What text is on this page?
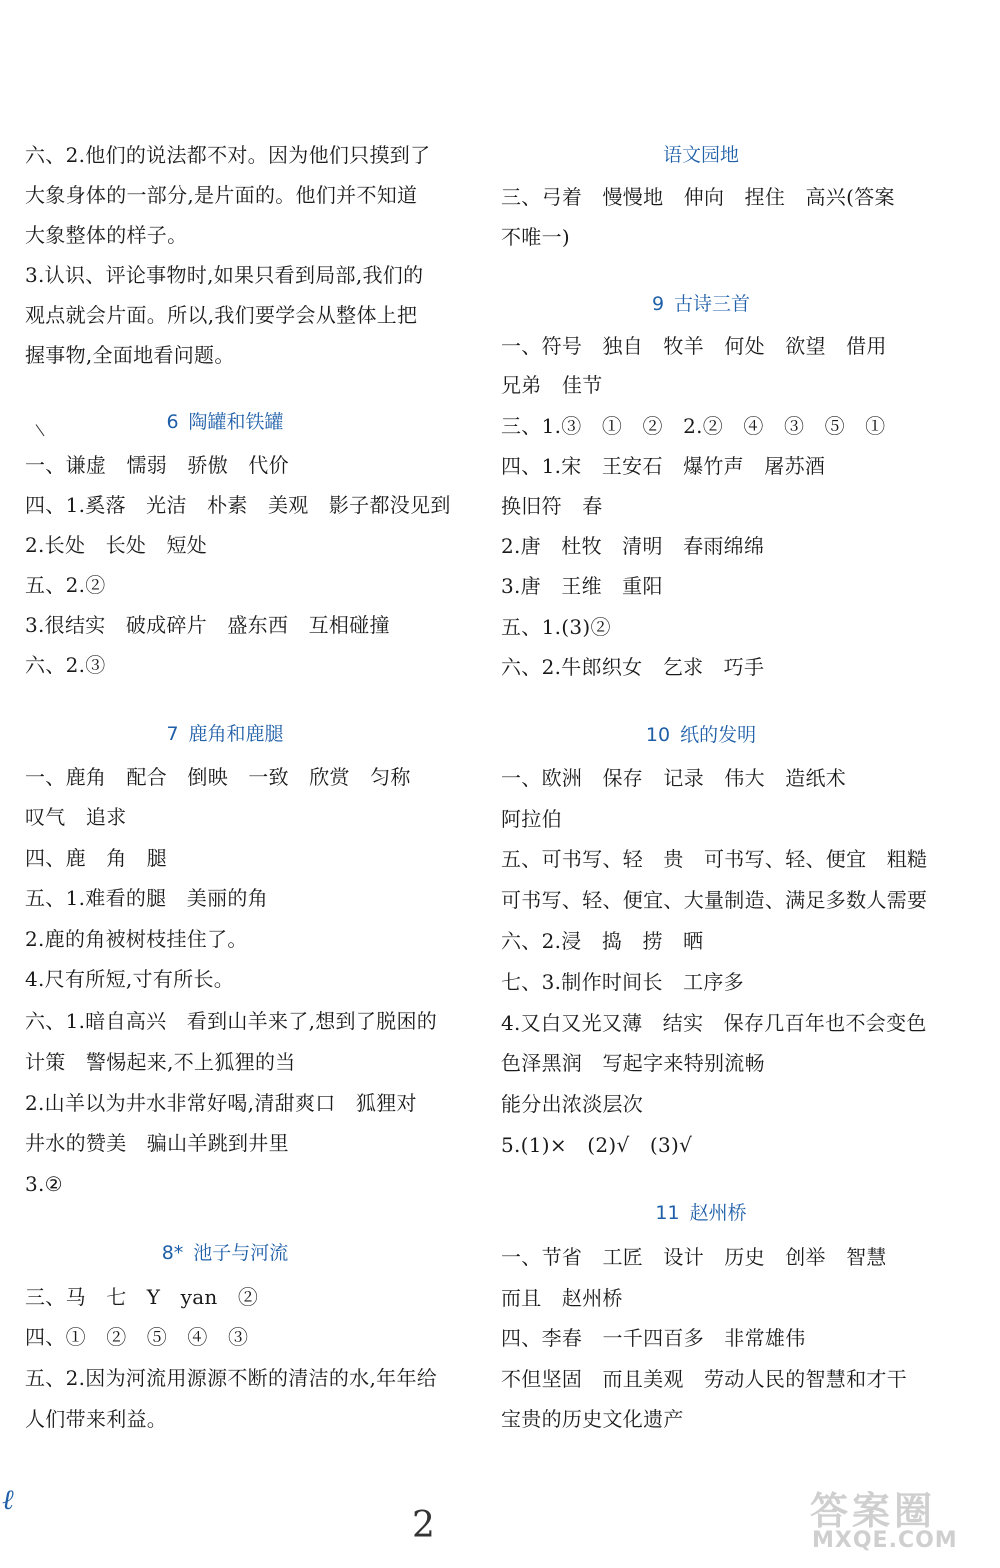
六、2.他们的说法都不对。因为他们只摸到了
大象身体的一部分,是片面的。他们并不知道
大象整体的样子。
3.认识、评论事物时,如果只看到局部,我们的
观点就会片面。所以,我们要学会从整体上把
握事物,全面地看问题。
6 陶罐和铁罐
一、谦虚　懦弱　骄傲　代价
四、1.奚落　光洁　朴素　美观　影子都没见到
2.长处　长处　短处
五、2.②
3.很结实　破成碎片　盛东西　互相碰撞
六、2.③
7 鹿角和鹿腿
一、鹿角　配合　倒映　一致　欣赏　匀称
叹气　追求
四、鹿　角　腿
五、1.难看的腿　美丽的角
2.鹿的角被树枝挂住了。
4.尺有所短,寸有所长。
六、1.暗自高兴　看到山羊来了,想到了脱困的
计策　警惕起来,不上狐狸的当
2.山羊以为井水非常好喝,清甜爽口　狐狸对
井水的赞美　骗山羊跳到井里
3.②
8* 池子与河流
三、马　七　Y　yan　②
四、①　②　⑤　④　③
五、2.因为河流用源源不断的清洁的水,年年给
人们带来利益。
语文园地
三、弓着　慢慢地　伸向　捏住　高兴(答案
不唯一)
9 古诗三首
一、符号　独自　牧羊　何处　欲望　借用
兄弟　佳节
三、1.③　①　②　2.②　④　③　⑤　①
四、1.宋　王安石　爆竹声　屠苏酒
换旧符　春
2.唐　杜牧　清明　春雨绵绵
3.唐　王维　重阳
五、1.(3)②
六、2.牛郎织女　乞求　巧手
10 纸的发明
一、欧洲　保存　记录　伟大　造纸术
阿拉伯
五、可书写、轻　贵　可书写、轻、便宜　粗糙
可书写、轻、便宜、大量制造、满足多数人需要
六、2.浸　捣　捞　晒
七、3.制作时间长　工序多
4.又白又光又薄　结实　保存几百年也不会变色
色泽黑润　写起字来特别流畅
能分出浓淡层次
5.(1)×　(2)√　(3)√
11 赵州桥
一、节省　工匠　设计　历史　创举　智慧
而且　赵州桥
四、李春　一千四百多　非常雄伟
不但坚固　而且美观　劳动人民的智慧和才干
宝贵的历史文化遗产
ℓ
2	答案圈
MXQE.COM
